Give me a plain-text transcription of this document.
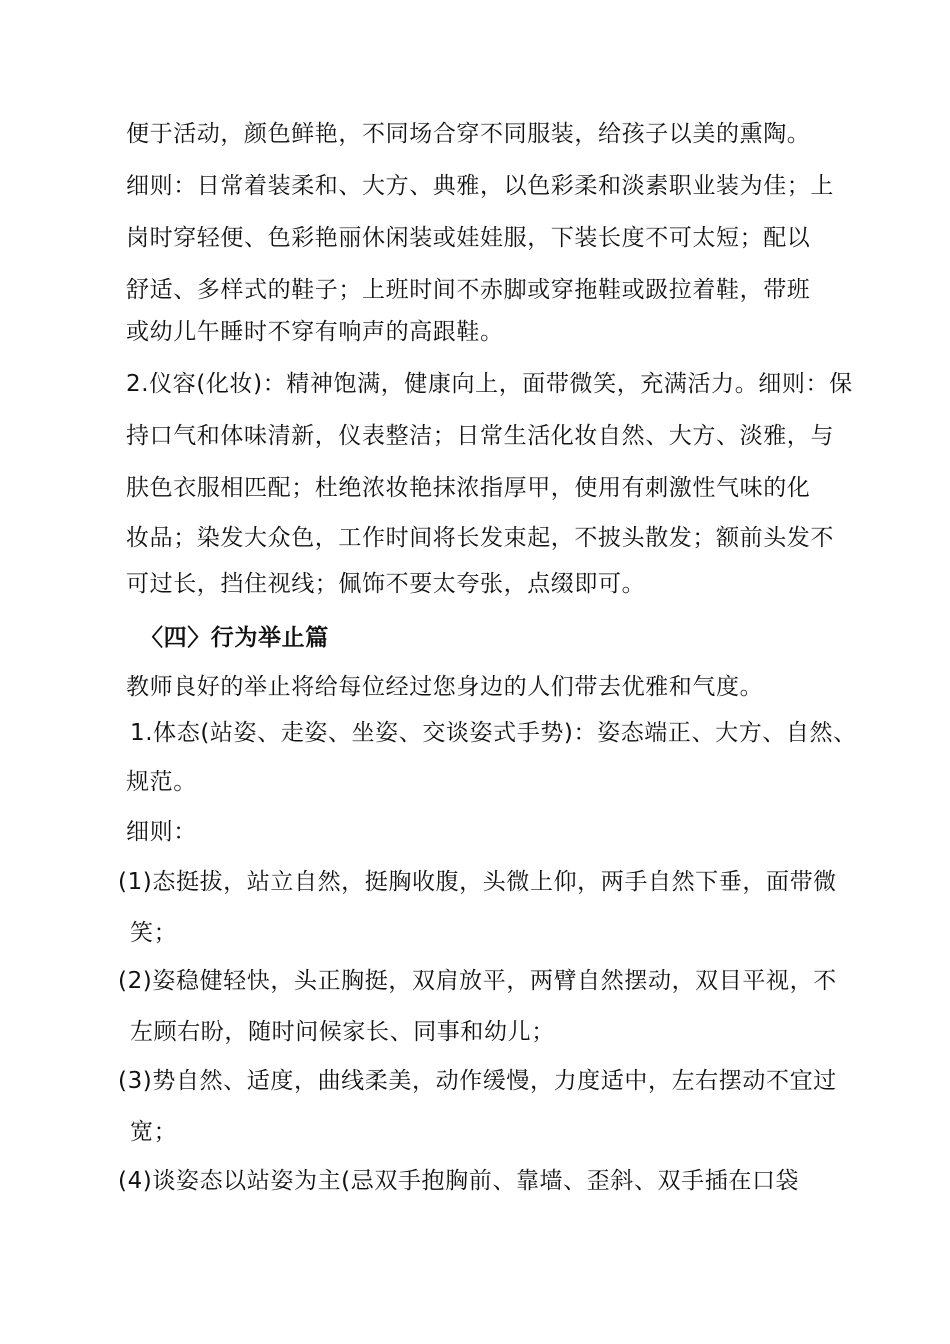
便于活动，颜色鲜艳，不同场合穿不同服装，给孩子以美的熏陶。
细则：日常着装柔和、大方、典雅，以色彩柔和淡素职业装为佳；上
岗时穿轻便、色彩艳丽休闲装或娃娃服，下装长度不可太短；配以
舒适、多样式的鞋子；上班时间不赤脚或穿拖鞋或趿拉着鞋，带班
或幼儿午睡时不穿有响声的高跟鞋。
2.仪容(化妆)：精神饱满，健康向上，面带微笑，充满活力。细则：保
持口气和体味清新，仪表整洁；日常生活化妆自然、大方、淡雅，与
肤色衣服相匹配；杜绝浓妆艳抹浓指厚甲，使用有刺激性气味的化
妆品；染发大众色，工作时间将长发束起，不披头散发；额前头发不
可过长，挡住视线；佩饰不要太夸张，点缀即可。
〈四〉行为举止篇
教师良好的举止将给每位经过您身边的人们带去优雅和气度。
1.体态(站姿、走姿、坐姿、交谈姿式手势)：姿态端正、大方、自然、
规范。
细则：
(1)态挺拔，站立自然，挺胸收腹，头微上仰，两手自然下垂，面带微
笑；
(2)姿稳健轻快，头正胸挺，双肩放平，两臂自然摆动，双目平视，不
左顾右盼，随时问候家长、同事和幼儿；
(3)势自然、适度，曲线柔美，动作缓慢，力度适中，左右摆动不宜过
宽；
(4)谈姿态以站姿为主(忌双手抱胸前、靠墙、歪斜、双手插在口袋
